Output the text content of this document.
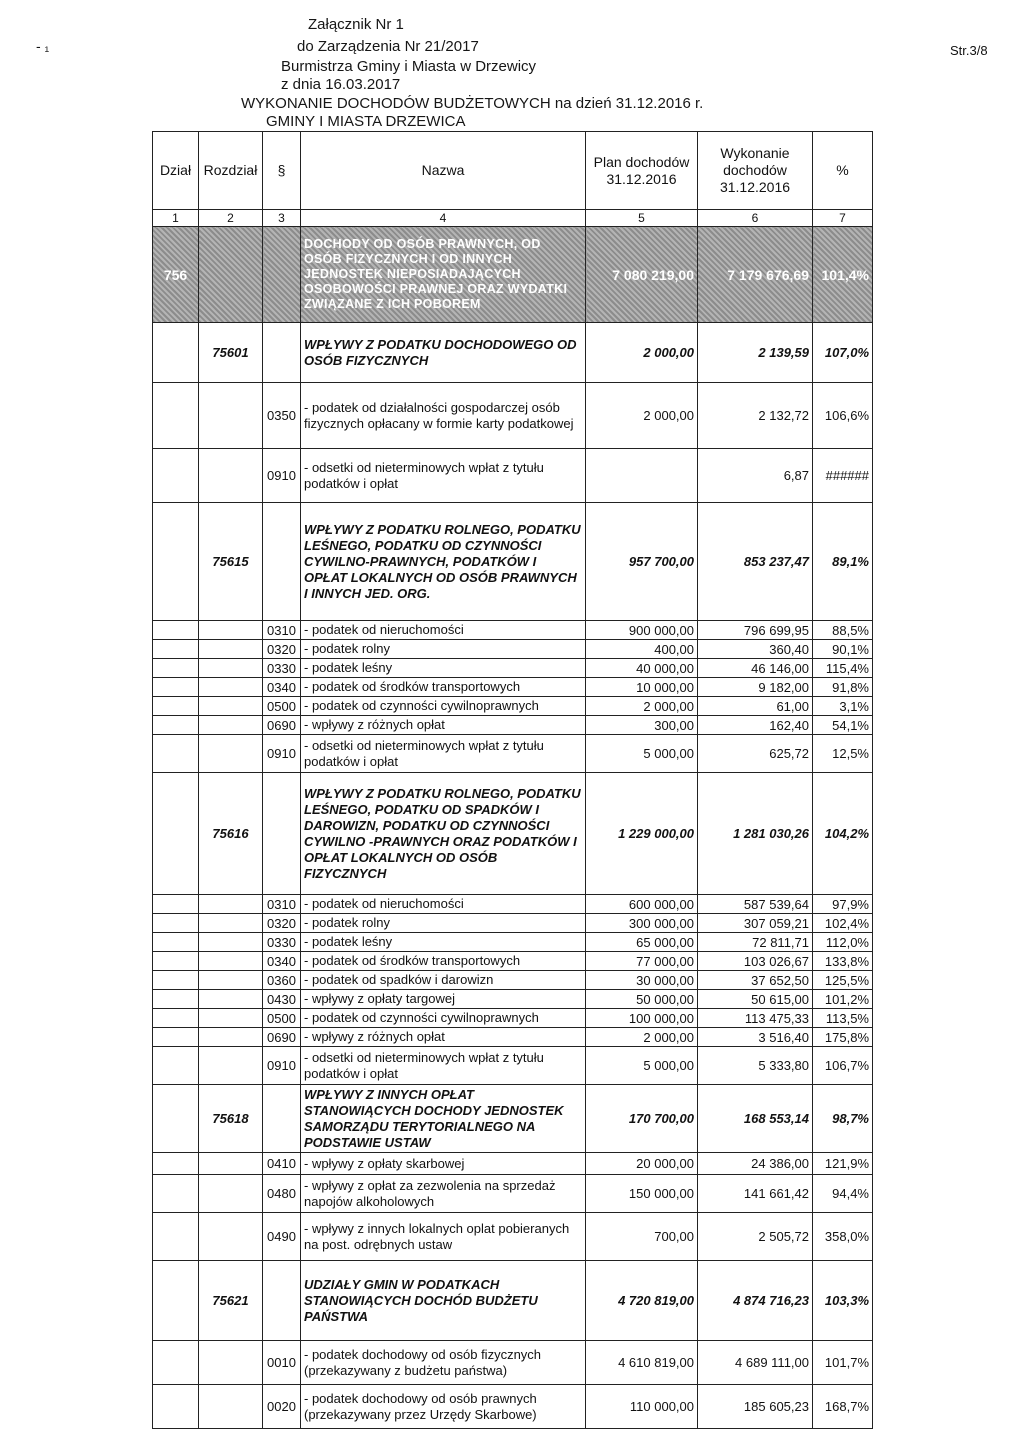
- ₁
Załącznik Nr 1
do Zarządzenia Nr 21/2017
Burmistrza Gminy i Miasta w Drzewicy
z dnia 16.03.2017
WYKONANIE DOCHODÓW BUDŻETOWYCH na dzień 31.12.2016 r.
GMINY I MIASTA DRZEWICA
Str.3/8
Dział	Rozdział	§	Nazwa	Plan dochodów 31.12.2016	Wykonanie dochodów 31.12.2016	%
1	2	3	4	5	6	7
756			DOCHODY OD OSÓB PRAWNYCH, OD OSÓB FIZYCZNYCH I OD INNYCH JEDNOSTEK NIEPOSIADAJĄCYCH OSOBOWOŚCI PRAWNEJ ORAZ WYDATKI ZWIĄZANE Z ICH POBOREM	7 080 219,00	7 179 676,69	101,4%
	75601		WPŁYWY Z PODATKU DOCHODOWEGO OD OSÓB FIZYCZNYCH	2 000,00	2 139,59	107,0%
		0350	- podatek od działalności gospodarczej osób fizycznych opłacany w formie karty podatkowej	2 000,00	2 132,72	106,6%
		0910	- odsetki od nieterminowych wpłat z tytułu podatków i opłat		6,87	######
	75615		WPŁYWY Z PODATKU ROLNEGO, PODATKU LEŚNEGO, PODATKU OD CZYNNOŚCI CYWILNO-PRAWNYCH, PODATKÓW I OPŁAT LOKALNYCH OD OSÓB PRAWNYCH I INNYCH JED. ORG.	957 700,00	853 237,47	89,1%
		0310	- podatek od nieruchomości	900 000,00	796 699,95	88,5%
		0320	- podatek rolny	400,00	360,40	90,1%
		0330	- podatek leśny	40 000,00	46 146,00	115,4%
		0340	- podatek od środków transportowych	10 000,00	9 182,00	91,8%
		0500	- podatek od czynności cywilnoprawnych	2 000,00	61,00	3,1%
		0690	- wpływy z różnych opłat	300,00	162,40	54,1%
		0910	- odsetki od nieterminowych wpłat z tytułu podatków i opłat	5 000,00	625,72	12,5%
	75616		WPŁYWY Z PODATKU ROLNEGO, PODATKU LEŚNEGO, PODATKU OD SPADKÓW I DAROWIZN, PODATKU OD CZYNNOŚCI CYWILNO -PRAWNYCH ORAZ PODATKÓW I OPŁAT LOKALNYCH OD OSÓB FIZYCZNYCH	1 229 000,00	1 281 030,26	104,2%
		0310	- podatek od nieruchomości	600 000,00	587 539,64	97,9%
		0320	- podatek rolny	300 000,00	307 059,21	102,4%
		0330	- podatek leśny	65 000,00	72 811,71	112,0%
		0340	- podatek od środków transportowych	77 000,00	103 026,67	133,8%
		0360	- podatek od spadków i darowizn	30 000,00	37 652,50	125,5%
		0430	- wpływy z opłaty targowej	50 000,00	50 615,00	101,2%
		0500	- podatek od czynności cywilnoprawnych	100 000,00	113 475,33	113,5%
		0690	- wpływy z różnych opłat	2 000,00	3 516,40	175,8%
		0910	- odsetki od nieterminowych wpłat z tytułu podatków i opłat	5 000,00	5 333,80	106,7%
	75618		WPŁYWY Z INNYCH OPŁAT STANOWIĄCYCH DOCHODY JEDNOSTEK SAMORZĄDU TERYTORIALNEGO NA PODSTAWIE USTAW	170 700,00	168 553,14	98,7%
		0410	- wpływy z opłaty skarbowej	20 000,00	24 386,00	121,9%
		0480	- wpływy z opłat za zezwolenia na sprzedaż napojów alkoholowych	150 000,00	141 661,42	94,4%
		0490	- wpływy z innych lokalnych oplat pobieranych na post. odrębnych ustaw	700,00	2 505,72	358,0%
	75621		UDZIAŁY GMIN W PODATKACH STANOWIĄCYCH DOCHÓD BUDŻETU PAŃSTWA	4 720 819,00	4 874 716,23	103,3%
		0010	- podatek dochodowy od osób fizycznych (przekazywany z budżetu państwa)	4 610 819,00	4 689 111,00	101,7%
		0020	- podatek dochodowy od osób prawnych (przekazywany przez Urzędy Skarbowe)	110 000,00	185 605,23	168,7%
